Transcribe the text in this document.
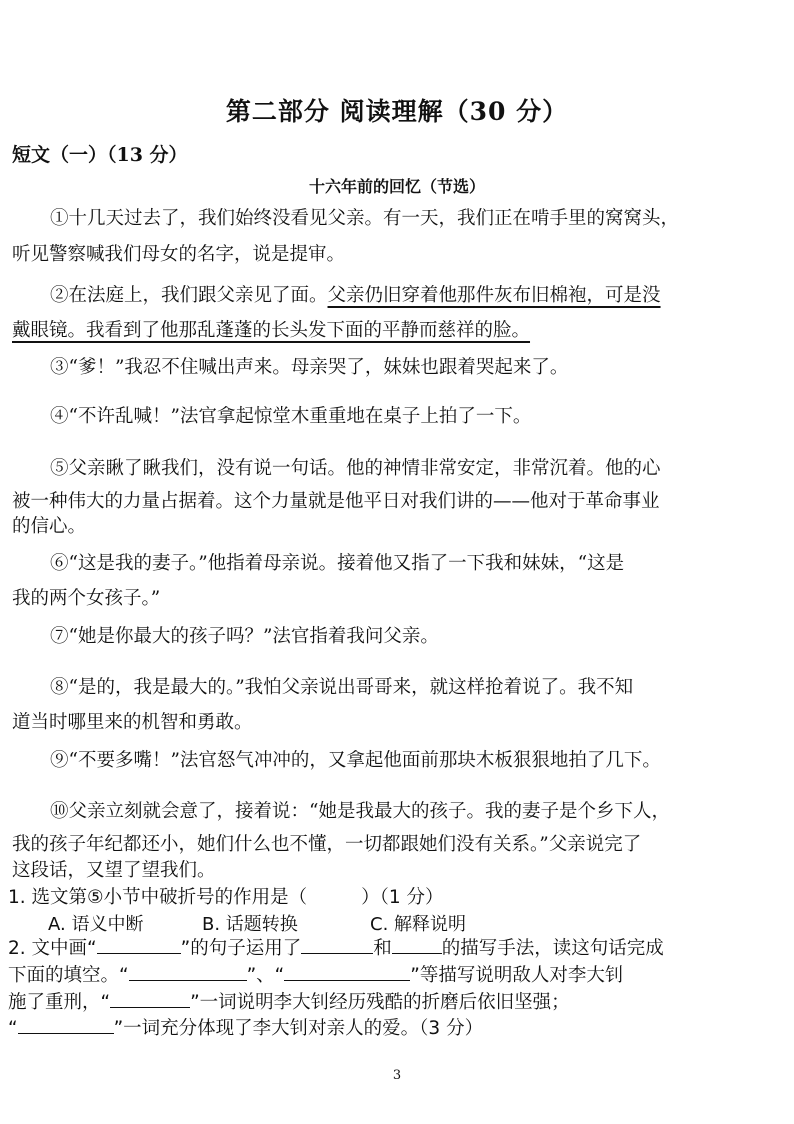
第二部分 阅读理解（30 分）
短文（一）（13 分）
十六年前的回忆（节选）
①十几天过去了，我们始终没看见父亲。有一天，我们正在啃手里的窝窝头，
听见警察喊我们母女的名字，说是提审。
②在法庭上，我们跟父亲见了面。父亲仍旧穿着他那件灰布旧棉袍，可是没
戴眼镜。我看到了他那乱蓬蓬的长头发下面的平静而慈祥的脸。
③“爹！”我忍不住喊出声来。母亲哭了，妹妹也跟着哭起来了。
④“不许乱喊！”法官拿起惊堂木重重地在桌子上拍了一下。
⑤父亲瞅了瞅我们，没有说一句话。他的神情非常安定，非常沉着。他的心
被一种伟大的力量占据着。这个力量就是他平日对我们讲的——他对于革命事业
的信心。
⑥“这是我的妻子。”他指着母亲说。接着他又指了一下我和妹妹，“这是
我的两个女孩子。”
⑦“她是你最大的孩子吗？”法官指着我问父亲。
⑧“是的，我是最大的。”我怕父亲说出哥哥来，就这样抢着说了。我不知
道当时哪里来的机智和勇敢。
⑨“不要多嘴！”法官怒气冲冲的，又拿起他面前那块木板狠狠地拍了几下。
⑩父亲立刻就会意了，接着说：“她是我最大的孩子。我的妻子是个乡下人，
我的孩子年纪都还小，她们什么也不懂，一切都跟她们没有关系。”父亲说完了
这段话，又望了望我们。
1. 选文第⑤小节中破折号的作用是（	）（1 分）
A. 语义中断	B. 话题转换	C. 解释说明
2. 文中画“	”的句子运用了	和	的描写手法，读这句话完成
下面的填空。“	”、“	”等描写说明敌人对李大钊
施了重刑，“	”一词说明李大钊经历残酷的折磨后依旧坚强；
“	”一词充分体现了李大钊对亲人的爱。（3 分）
3
